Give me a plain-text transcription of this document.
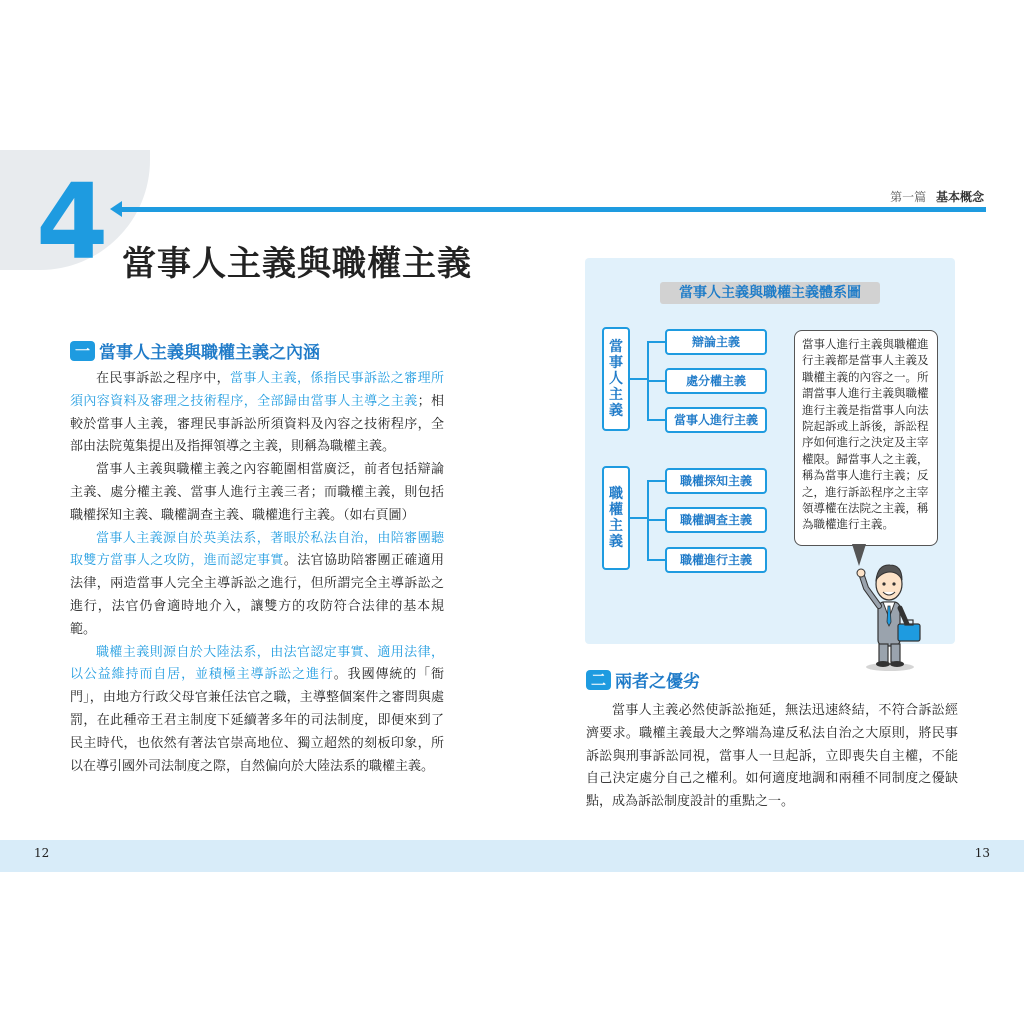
4	第一篇 基本概念
當事人主義與職權主義
一 當事人主義與職權主義之內涵

在民事訴訟之程序中，當事人主義，係指民事訴訟之審理所須內容資料及審理之技術程序，全部歸由當事人主導之主義；相較於當事人主義，審理民事訴訟所須資料及內容之技術程序，全部由法院蒐集提出及指揮領導之主義，則稱為職權主義。

當事人主義與職權主義之內容範圍相當廣泛，前者包括辯論主義、處分權主義、當事人進行主義三者；而職權主義，則包括職權探知主義、職權調查主義、職權進行主義。（如右頁圖）

當事人主義源自於英美法系，著眼於私法自治，由陪審團聽取雙方當事人之攻防，進而認定事實。法官協助陪審團正確適用法律，兩造當事人完全主導訴訟之進行，但所謂完全主導訴訟之進行，法官仍會適時地介入，讓雙方的攻防符合法律的基本規範。

職權主義則源自於大陸法系，由法官認定事實、適用法律，以公益維持而自居，並積極主導訴訟之進行。我國傳統的「衙門」，由地方行政父母官兼任法官之職，主導整個案件之審問與處罰，在此種帝王君主制度下延續著多年的司法制度，即便來到了民主時代，也依然有著法官崇高地位、獨立超然的刻板印象，所以在導引國外司法制度之際，自然偏向於大陸法系的職權主義。

當事人主義與職權主義體系圖
當
事
人
主
義
職
權
主
義
辯論主義
處分權主義
當事人進行主義
職權探知主義
職權調查主義
職權進行主義
當事人進行主義與職權進行主義都是當事人主義及職權主義的內容之一。所謂當事人進行主義與職權進行主義是指當事人向法院起訴或上訴後，訴訟程序如何進行之決定及主宰權限。歸當事人之主義，稱為當事人進行主義；反之，進行訴訟程序之主宰領導權在法院之主義，稱為職權進行主義。
二 兩者之優劣

當事人主義必然使訴訟拖延，無法迅速終結，不符合訴訟經濟要求。職權主義最大之弊端為違反私法自治之大原則，將民事訴訟與刑事訴訟同視，當事人一旦起訴，立即喪失自主權，不能自己決定處分自己之權利。如何適度地調和兩種不同制度之優缺點，成為訴訟制度設計的重點之一。

12	13
